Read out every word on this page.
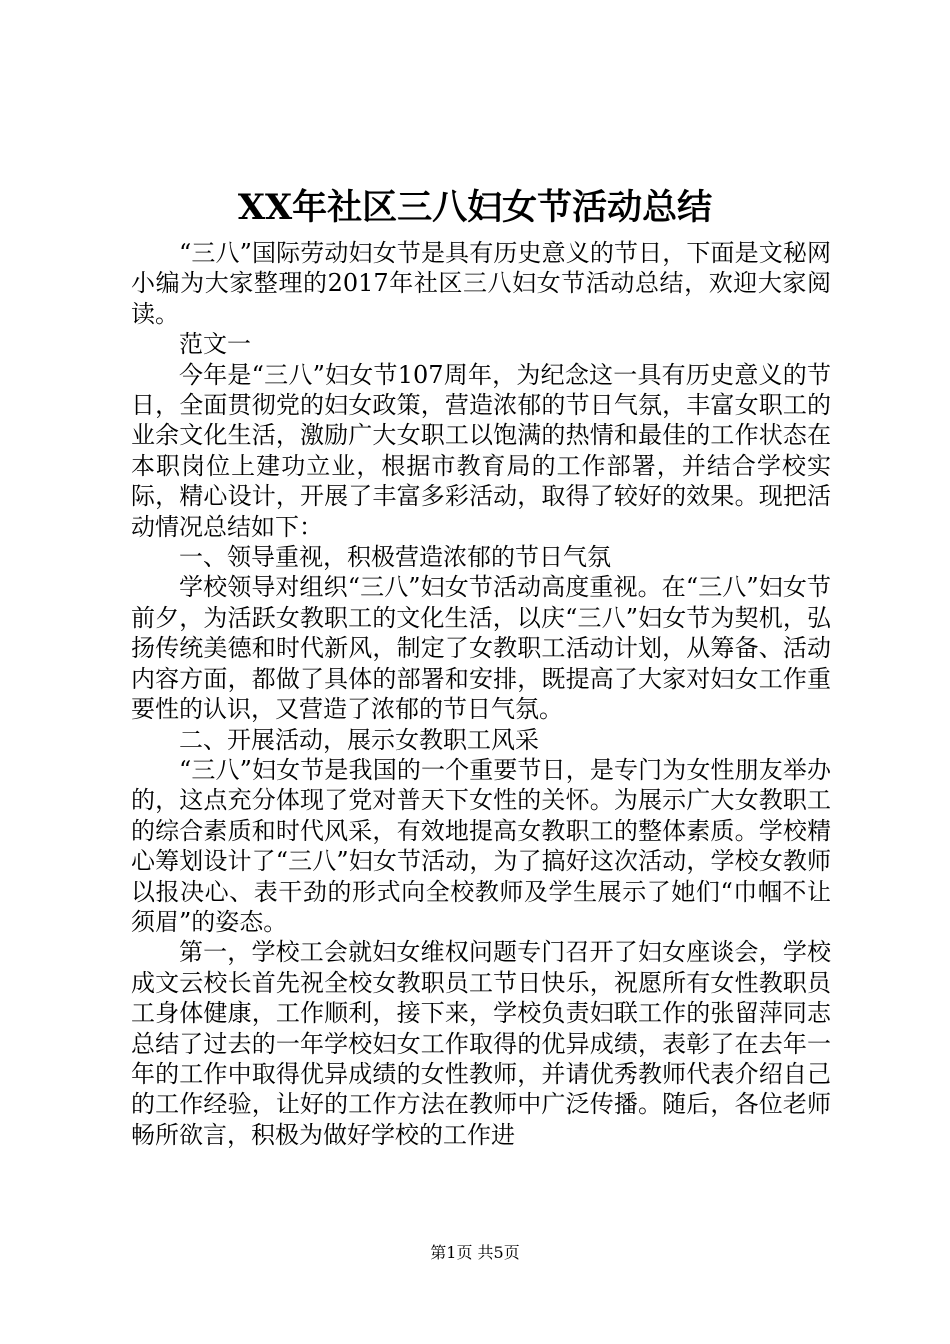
XX年社区三八妇女节活动总结

“三八”国际劳动妇女节是具有历史意义的节日，下面是文秘网小编为大家整理的2017年社区三八妇女节活动总结，欢迎大家阅读。

范文一

今年是“三八”妇女节107周年，为纪念这一具有历史意义的节日，全面贯彻党的妇女政策，营造浓郁的节日气氛，丰富女职工的业余文化生活，激励广大女职工以饱满的热情和最佳的工作状态在本职岗位上建功立业，根据市教育局的工作部署，并结合学校实际，精心设计，开展了丰富多彩活动，取得了较好的效果。现把活动情况总结如下：

一、领导重视，积极营造浓郁的节日气氛

学校领导对组织“三八”妇女节活动高度重视。在“三八”妇女节前夕，为活跃女教职工的文化生活，以庆“三八”妇女节为契机，弘扬传统美德和时代新风，制定了女教职工活动计划，从筹备、活动内容方面，都做了具体的部署和安排，既提高了大家对妇女工作重要性的认识，又营造了浓郁的节日气氛。

二、开展活动，展示女教职工风采

“三八”妇女节是我国的一个重要节日，是专门为女性朋友举办的，这点充分体现了党对普天下女性的关怀。为展示广大女教职工的综合素质和时代风采，有效地提高女教职工的整体素质。学校精心筹划设计了“三八”妇女节活动，为了搞好这次活动，学校女教师以报决心、表干劲的形式向全校教师及学生展示了她们“巾帼不让须眉”的姿态。

第一，学校工会就妇女维权问题专门召开了妇女座谈会，学校成文云校长首先祝全校女教职员工节日快乐，祝愿所有女性教职员工身体健康，工作顺利，接下来，学校负责妇联工作的张留萍同志总结了过去的一年学校妇女工作取得的优异成绩，表彰了在去年一年的工作中取得优异成绩的女性教师，并请优秀教师代表介绍自己的工作经验，让好的工作方法在教师中广泛传播。随后，各位老师畅所欲言，积极为做好学校的工作进

第1页 共5页
